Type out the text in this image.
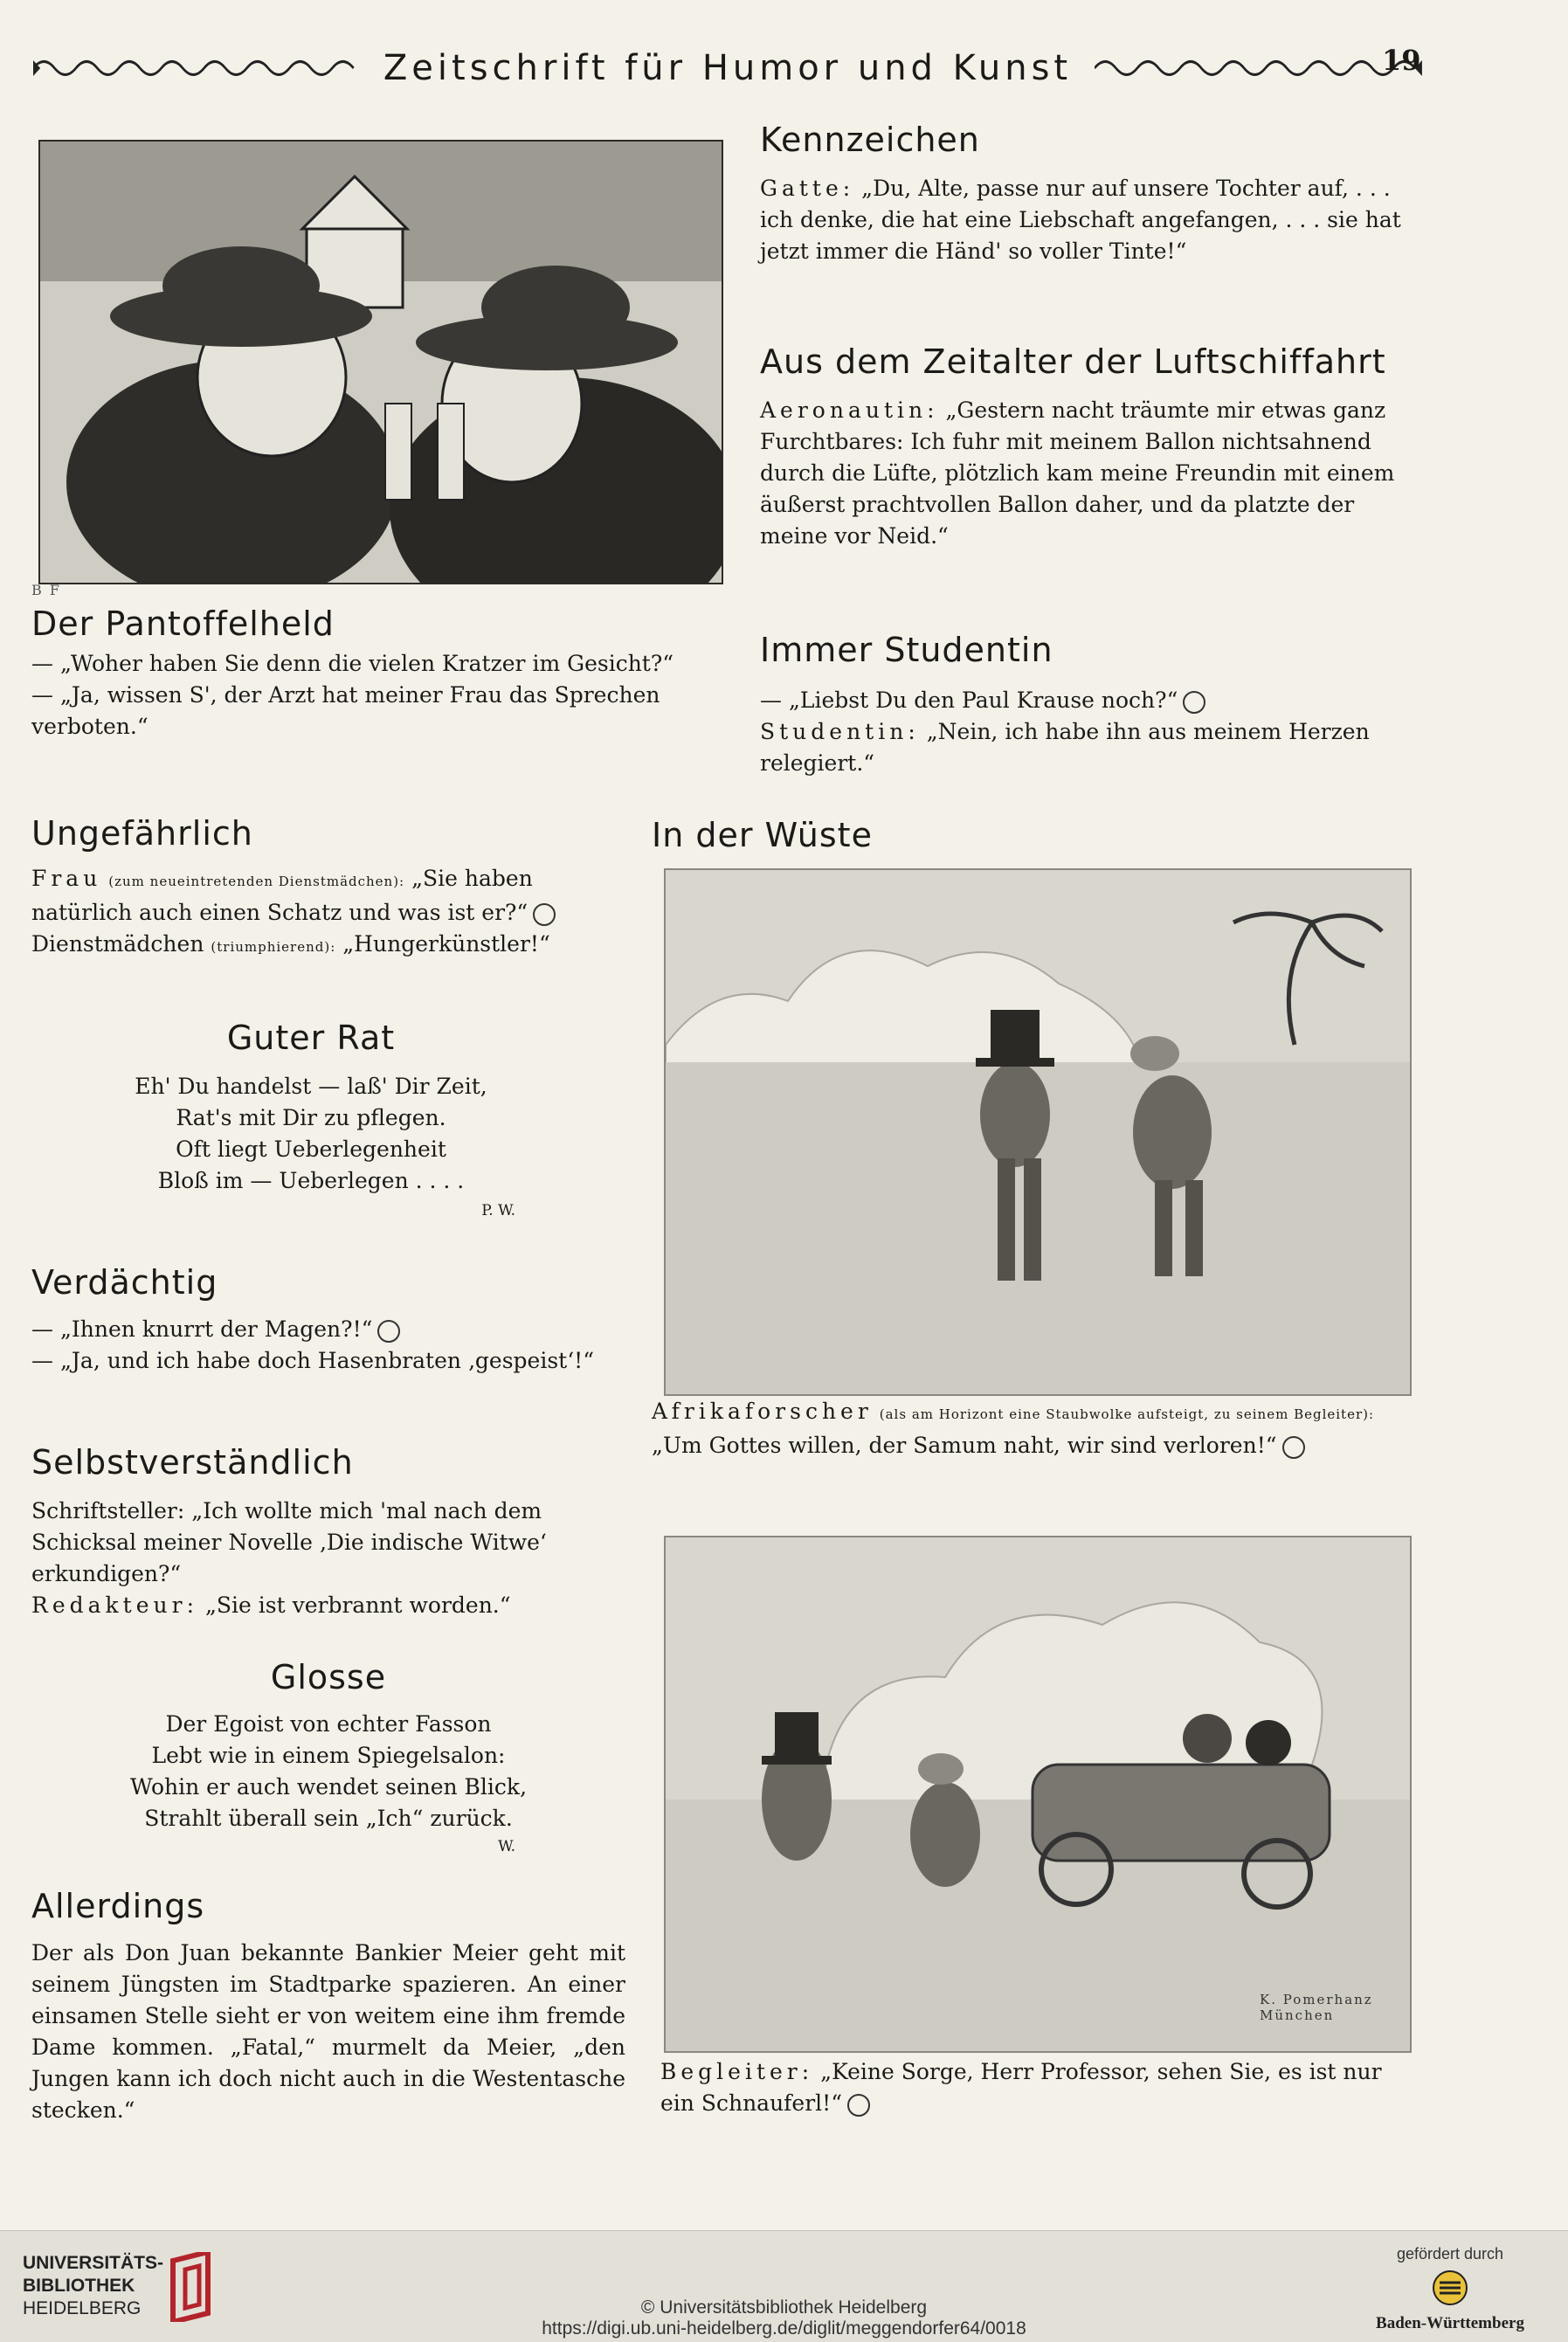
Zeitschrift für Humor und Kunst	19
B F
Der Pantoffelheld

— „Woher haben Sie denn die vielen Kratzer im Gesicht?“

— „Ja, wissen S', der Arzt hat meiner Frau das Sprechen verboten.“

Kennzeichen

Gatte: „Du, Alte, passe nur auf unsere Tochter auf, . . . ich denke, die hat eine Liebschaft angefangen, . . . sie hat jetzt immer die Händ' so voller Tinte!“

Aus dem Zeitalter der Luftschiffahrt

Aeronautin: „Gestern nacht träumte mir etwas ganz Furchtbares: Ich fuhr mit meinem Ballon nichtsahnend durch die Lüfte, plötzlich kam meine Freundin mit einem äußerst prachtvollen Ballon daher, und da platzte der meine vor Neid.“

Immer Studentin

— „Liebst Du den Paul Krause noch?“

Studentin: „Nein, ich habe ihn aus meinem Herzen relegiert.“

Ungefährlich

Frau (zum neueintretenden Dienstmädchen): „Sie haben natürlich auch einen Schatz und was ist er?“

Dienstmädchen (triumphierend): „Hungerkünstler!“

Guter Rat

Eh' Du handelst — laß' Dir Zeit,

Rat's mit Dir zu pflegen.

Oft liegt Ueberlegenheit

Bloß im — Ueberlegen . . . .

P. W.
Verdächtig

— „Ihnen knurrt der Magen?!“

— „Ja, und ich habe doch Hasenbraten ‚gespeist‘!“

Selbstverständlich

Schriftsteller: „Ich wollte mich 'mal nach dem Schicksal meiner Novelle ‚Die indische Witwe‘ erkundigen?“

Redakteur: „Sie ist verbrannt worden.“

Glosse

Der Egoist von echter Fasson

Lebt wie in einem Spiegelsalon:

Wohin er auch wendet seinen Blick,

Strahlt überall sein „Ich“ zurück.

W.
Allerdings

Der als Don Juan bekannte Bankier Meier geht mit seinem Jüngsten im Stadtparke spazieren. An einer einsamen Stelle sieht er von weitem eine ihm fremde Dame kommen. „Fatal,“ murmelt da Meier, „den Jungen kann ich doch nicht auch in die Westentasche stecken.“

In der Wüste
Afrikaforscher (als am Horizont eine Staubwolke aufsteigt, zu seinem Begleiter): „Um Gottes willen, der Samum naht, wir sind verloren!“
K. Pomerhanz München
Begleiter: „Keine Sorge, Herr Professor, sehen Sie, es ist nur ein Schnauferl!“
UNIVERSITÄTS-
BIBLIOTHEK
HEIDELBERG	© Universitätsbibliothek Heidelberg
https://digi.ub.uni-heidelberg.de/diglit/meggendorfer64/0018
gefördert durch
Baden-Württemberg
